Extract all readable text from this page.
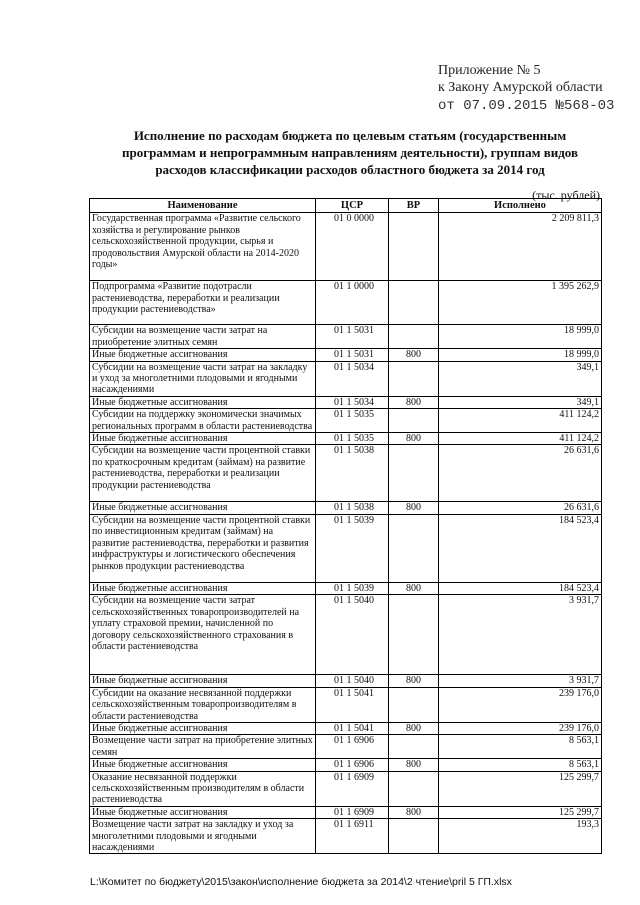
Приложение № 5
к Закону Амурской области
от 07.09.2015 №568-03
Исполнение по расходам бюджета по целевым статьям (государственным программам и непрограммным направлениям деятельности), группам видов расходов классификации расходов областного бюджета за 2014 год
(тыс. рублей)
Наименование	ЦСР	ВР	Исполнено
Государственная программа «Развитие сельского хозяйства и регулирование рынков сельскохозяйственной продукции, сырья и продовольствия Амурской области на 2014-2020 годы»	01 0 0000		2 209 811,3
Подпрограмма «Развитие подотрасли растениеводства, переработки и реализации продукции растениеводства»	01 1 0000		1 395 262,9
Субсидии на возмещение части затрат на приобретение элитных семян	01 1 5031		18 999,0
Иные бюджетные ассигнования	01 1 5031	800	18 999,0
Субсидии на возмещение части затрат на закладку и уход за многолетними плодовыми и ягодными насаждениями	01 1 5034		349,1
Иные бюджетные ассигнования	01 1 5034	800	349,1
Субсидии на поддержку экономически значимых региональных программ в области растениеводства	01 1 5035		411 124,2
Иные бюджетные ассигнования	01 1 5035	800	411 124,2
Субсидии на возмещение части процентной ставки по краткосрочным кредитам (займам) на развитие растениеводства, переработки и реализации продукции растениеводства	01 1 5038		26 631,6
Иные бюджетные ассигнования	01 1 5038	800	26 631,6
Субсидии на возмещение части процентной ставки по инвестиционным кредитам (займам) на развитие растениеводства, переработки и развития инфраструктуры и логистического обеспечения рынков продукции растениеводства	01 1 5039		184 523,4
Иные бюджетные ассигнования	01 1 5039	800	184 523,4
Субсидии на возмещение части затрат сельскохозяйственных товаропроизводителей на уплату страховой премии, начисленной по договору сельскохозяйственного страхования в области растениеводства	01 1 5040		3 931,7
Иные бюджетные ассигнования	01 1 5040	800	3 931,7
Субсидии на оказание несвязанной поддержки сельскохозяйственным товаропроизводителям в области растениеводства	01 1 5041		239 176,0
Иные бюджетные ассигнования	01 1 5041	800	239 176,0
Возмещение части затрат на приобретение элитных семян	01 1 6906		8 563,1
Иные бюджетные ассигнования	01 1 6906	800	8 563,1
Оказание несвязанной поддержки сельскохозяйственным производителям в области растениеводства	01 1 6909		125 299,7
Иные бюджетные ассигнования	01 1 6909	800	125 299,7
Возмещение части затрат на закладку и уход за многолетними плодовыми и ягодными насаждениями	01 1 6911		193,3
L:\Комитет по бюджету\2015\закон\исполнение бюджета за 2014\2 чтение\pril 5 ГП.xlsx
